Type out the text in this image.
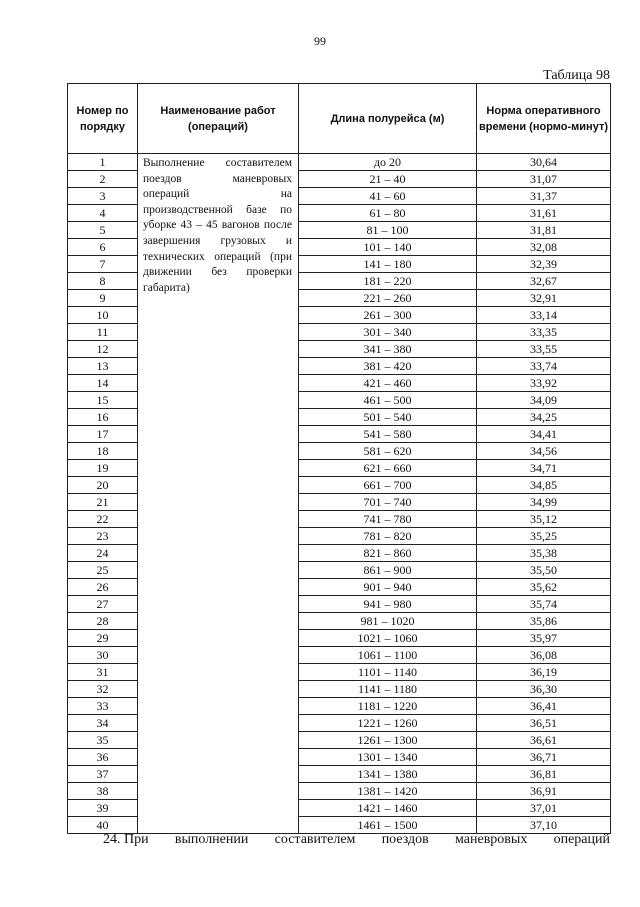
99
Таблица 98
Номер по порядку	Наименование работ (операций)	Длина полурейса (м)	Норма оперативного времени (нормо-минут)
1	Выполнение составителем поездов маневровых операций на производственной базе по уборке 43 – 45 вагонов после завершения грузовых и технических операций (при движении без проверки габарита)	до 20	30,64
2		21 – 40	31,07
3		41 – 60	31,37
4		61 – 80	31,61
5		81 – 100	31,81
6		101 – 140	32,08
7		141 – 180	32,39
8		181 – 220	32,67
9		221 – 260	32,91
10		261 – 300	33,14
11		301 – 340	33,35
12		341 – 380	33,55
13		381 – 420	33,74
14		421 – 460	33,92
15		461 – 500	34,09
16		501 – 540	34,25
17		541 – 580	34,41
18		581 – 620	34,56
19		621 – 660	34,71
20		661 – 700	34,85
21		701 – 740	34,99
22		741 – 780	35,12
23		781 – 820	35,25
24		821 – 860	35,38
25		861 – 900	35,50
26		901 – 940	35,62
27		941 – 980	35,74
28		981 – 1020	35,86
29		1021 – 1060	35,97
30		1061 – 1100	36,08
31		1101 – 1140	36,19
32		1141 – 1180	36,30
33		1181 – 1220	36,41
34		1221 – 1260	36,51
35		1261 – 1300	36,61
36		1301 – 1340	36,71
37		1341 – 1380	36,81
38		1381 – 1420	36,91
39		1421 – 1460	37,01
40		1461 – 1500	37,10
24. При выполнении составителем поездов маневровых операций
